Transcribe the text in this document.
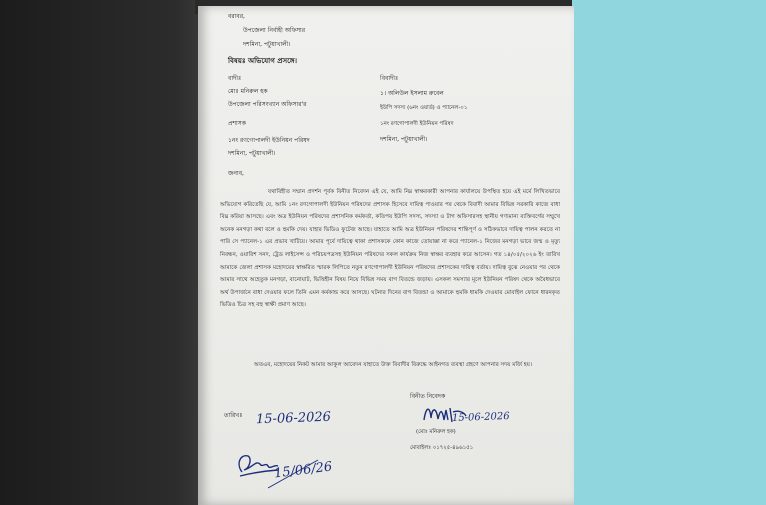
বরাবর,
উপজেলা নির্বাহী অফিসার
দশমিনা, পটুয়াখালী।
বিষয়ঃ অভিযোগ প্রসঙ্গে।
বাদীঃ
মোঃ মনিরুল হক
উপজেলা পরিসংখ্যান অফিসার'র
প্রশাসক
১নং রণগোপালদী ইউনিয়ন পরিষদ
দশমিনা, পটুয়াখালী।
বিবাদীঃ
১। অলিউল ইসলাম রুবেল
ইউপি সদস্য (৬নং ওয়ার্ড) ও প্যানেল-০১
১নং রণগোপালদী ইউনিয়ন পরিষদ
দশমিনা, পটুয়াখালী।
জনাব,
যথাবিহীত সম্মান প্রদর্শন পূর্বক বিনীত নিবেদন এই যে, আমি নিম্ন স্বাক্ষরকারী আপনার কার্যালয়ে উপস্থিত হয়ে এই মর্মে লিখিতভাবে অভিযোগ করিতেছি যে, আমি ১নং রণগোপালদী ইউনিয়ন পরিষদের প্রশাসক হিসেবে দায়িত্ব পাওয়ার পর থেকে বিবাদী আমার বিভিন্ন সরকারি কাজে বাধা বিঘ্ন করিয়া আসছে। এবং অত্র ইউনিয়ন পরিষদের প্রশাসনিক কর্মকর্তা, কতিপয় ইউপি সদস্য, সদস্যা ও টাগ অফিসারসহ স্থানীয় গণ্যমান্য ব্যক্তিবর্গের সম্মুখে অনেক মনগড়া কথা বলে ও হুমকি দেয়। যাহার ভিডিও ফুটেজ আছে। যাহাতে আমি অত্র ইউনিয়ন পরিষদের শান্তিপূর্ণ ও সঠিকভাবে দায়িত্ব পালন করতে না পারি সে প্যানেল-১ এর প্রভাব খাটিয়ে। আমার পূর্বে দায়িত্বে থাকা প্রশাসককে কোন কাজে তোয়াক্কা না করে প্যানেল-১ নিজের মনগড়া ভাবে জন্ম ও মৃত্যু নিবন্ধন, ওয়ারিশ সনদ, ট্রেড লাইসেন্স ও পরিচয়পত্রসহ ইউনিয়ন পরিষদের সকল কার্যক্রম নিজ স্বাক্ষর ব্যবহার করে আসেন। গত ১৪/০৫/২০২৬ ইং তারিখ আমাকে জেলা প্রশাসক মহোদয়ের স্বাক্ষরিত স্মারক লিপিতে নতুন রণগোপালদী ইউনিয়ন পরিষদের প্রশাসকের দায়িত্ব বর্তায়। দায়িত্ব বুঝে নেওয়ার পর থেকে আমার সাথে অহেতুক মনগড়া, বানোয়াট, ভিত্তিহীন বিষয় নিয়ে বিভিন্ন সময় বাগ বিতন্ডে জড়ায়। এসকল সমস্যার মূলে ইউনিয়ন পরিষদ থেকে অবৈধভাবে অর্থ উপার্জনে বাধা দেওয়ার ফলে তিনি এমন কর্মকান্ড করে আসছে। ঘটনার দিনের বাগ বিতন্ডা ও আমাকে হুমকি ধামকি দেওয়ার মোবাইল ফোনে ধারনকৃত ভিডিও চিত্র সহ বহু স্বাক্ষী প্রমাণ আছে।
অতএব, মহোদয়ের নিকট আমার আকুল আবেদন যাহাতে উক্ত বিবাদীর বিরুদ্ধে আইনগত ব্যবস্থা গ্রহণে আপনার সদয় মর্জি হয়।
তারিখঃ 15-06-2026
বিনীত নিবেদক
15-06-2026
(মোঃ মনিরুল হক)
মোবাইলঃ ০১৭২৫-৪৯৬১৫১
15/06/26
